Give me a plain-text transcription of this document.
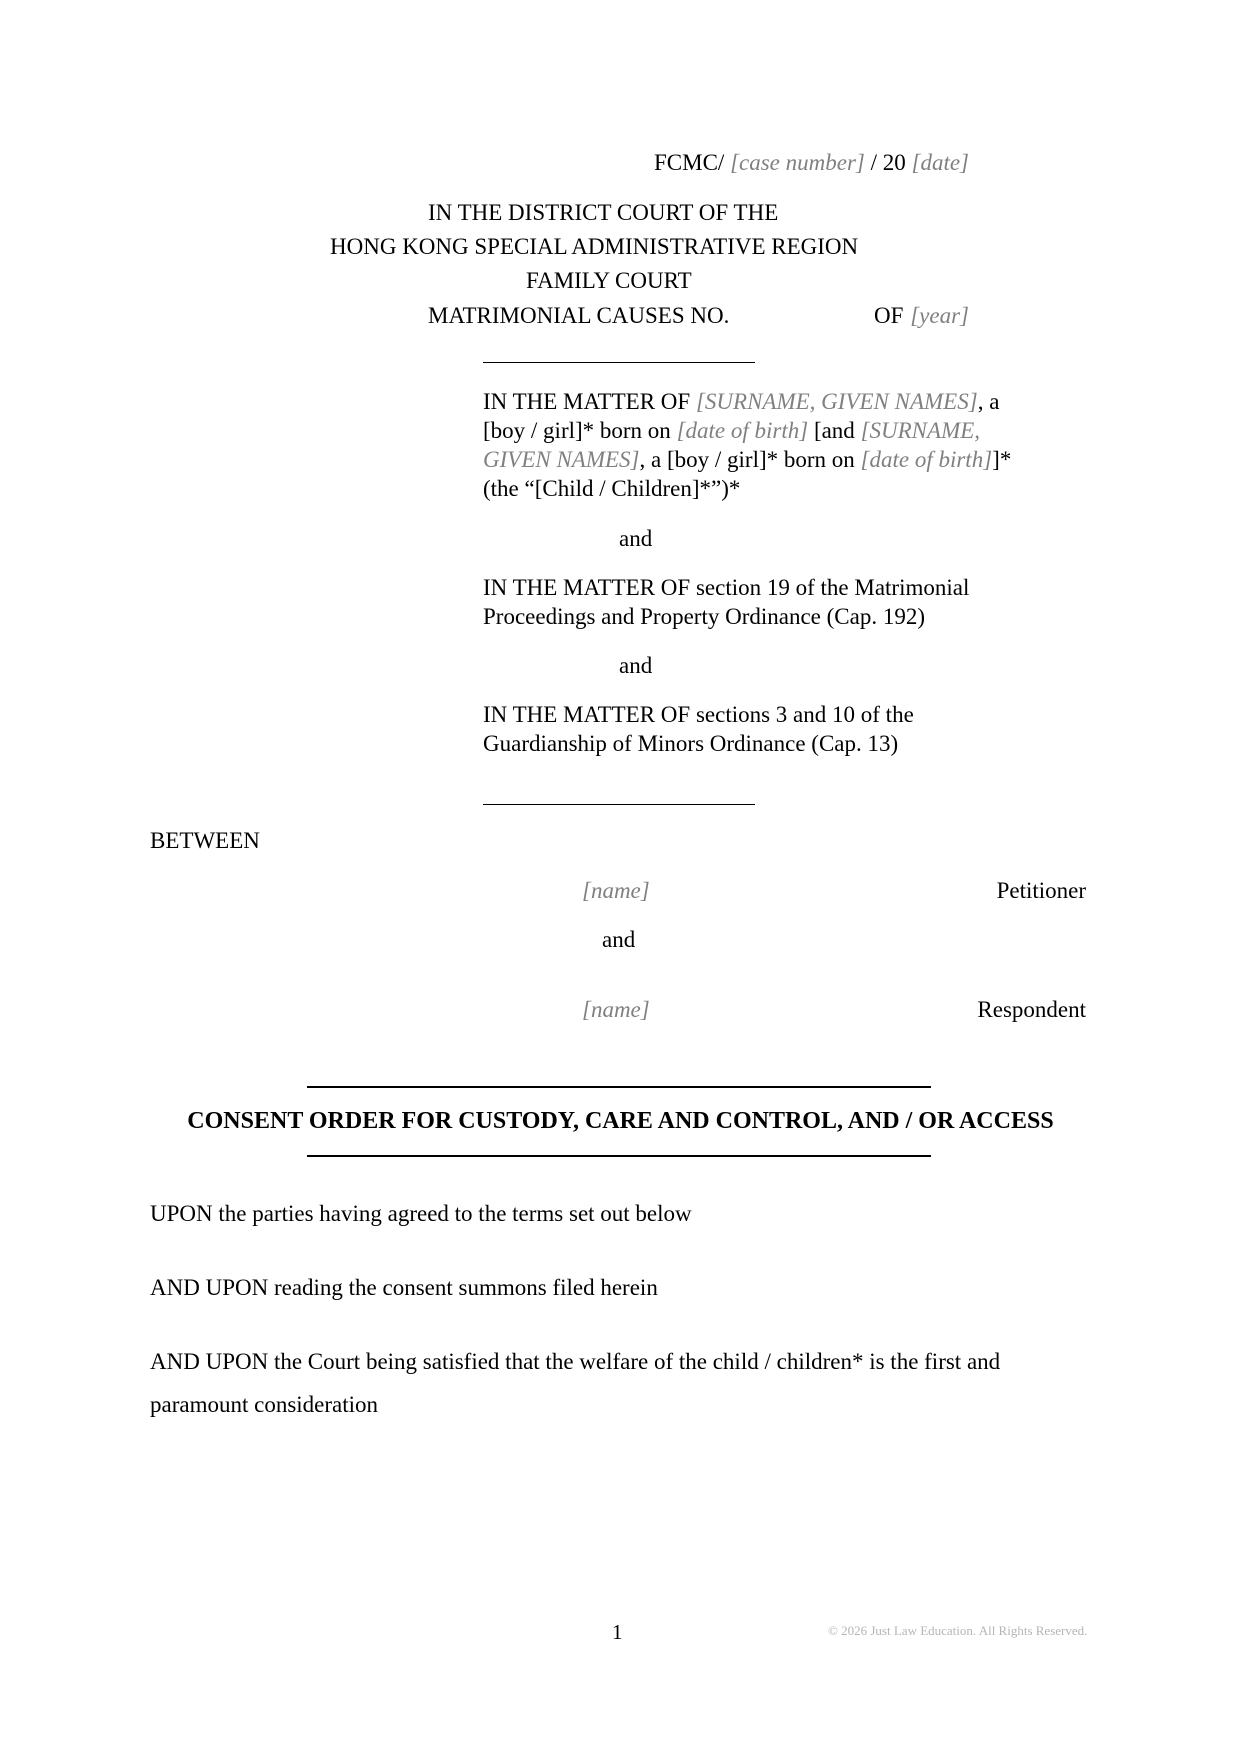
FCMC/ [case number] / 20 [date]
IN THE DISTRICT COURT OF THE
HONG KONG SPECIAL ADMINISTRATIVE REGION
FAMILY COURT
MATRIMONIAL CAUSES NO.	OF [year]
IN THE MATTER OF [SURNAME, GIVEN NAMES], a
[boy / girl]* born on [date of birth] [and [SURNAME,
GIVEN NAMES], a [boy / girl]* born on [date of birth]]*
(the “[Child / Children]*”)*
and
IN THE MATTER OF section 19 of the Matrimonial
Proceedings and Property Ordinance (Cap. 192)
and
IN THE MATTER OF sections 3 and 10 of the
Guardianship of Minors Ordinance (Cap. 13)
BETWEEN
[name]	Petitioner
and
[name]	Respondent
CONSENT ORDER FOR CUSTODY, CARE AND CONTROL, AND / OR ACCESS
UPON the parties having agreed to the terms set out below
AND UPON reading the consent summons filed herein
AND UPON the Court being satisfied that the welfare of the child / children* is the first and
paramount consideration
1	© 2026 Just Law Education. All Rights Reserved.
